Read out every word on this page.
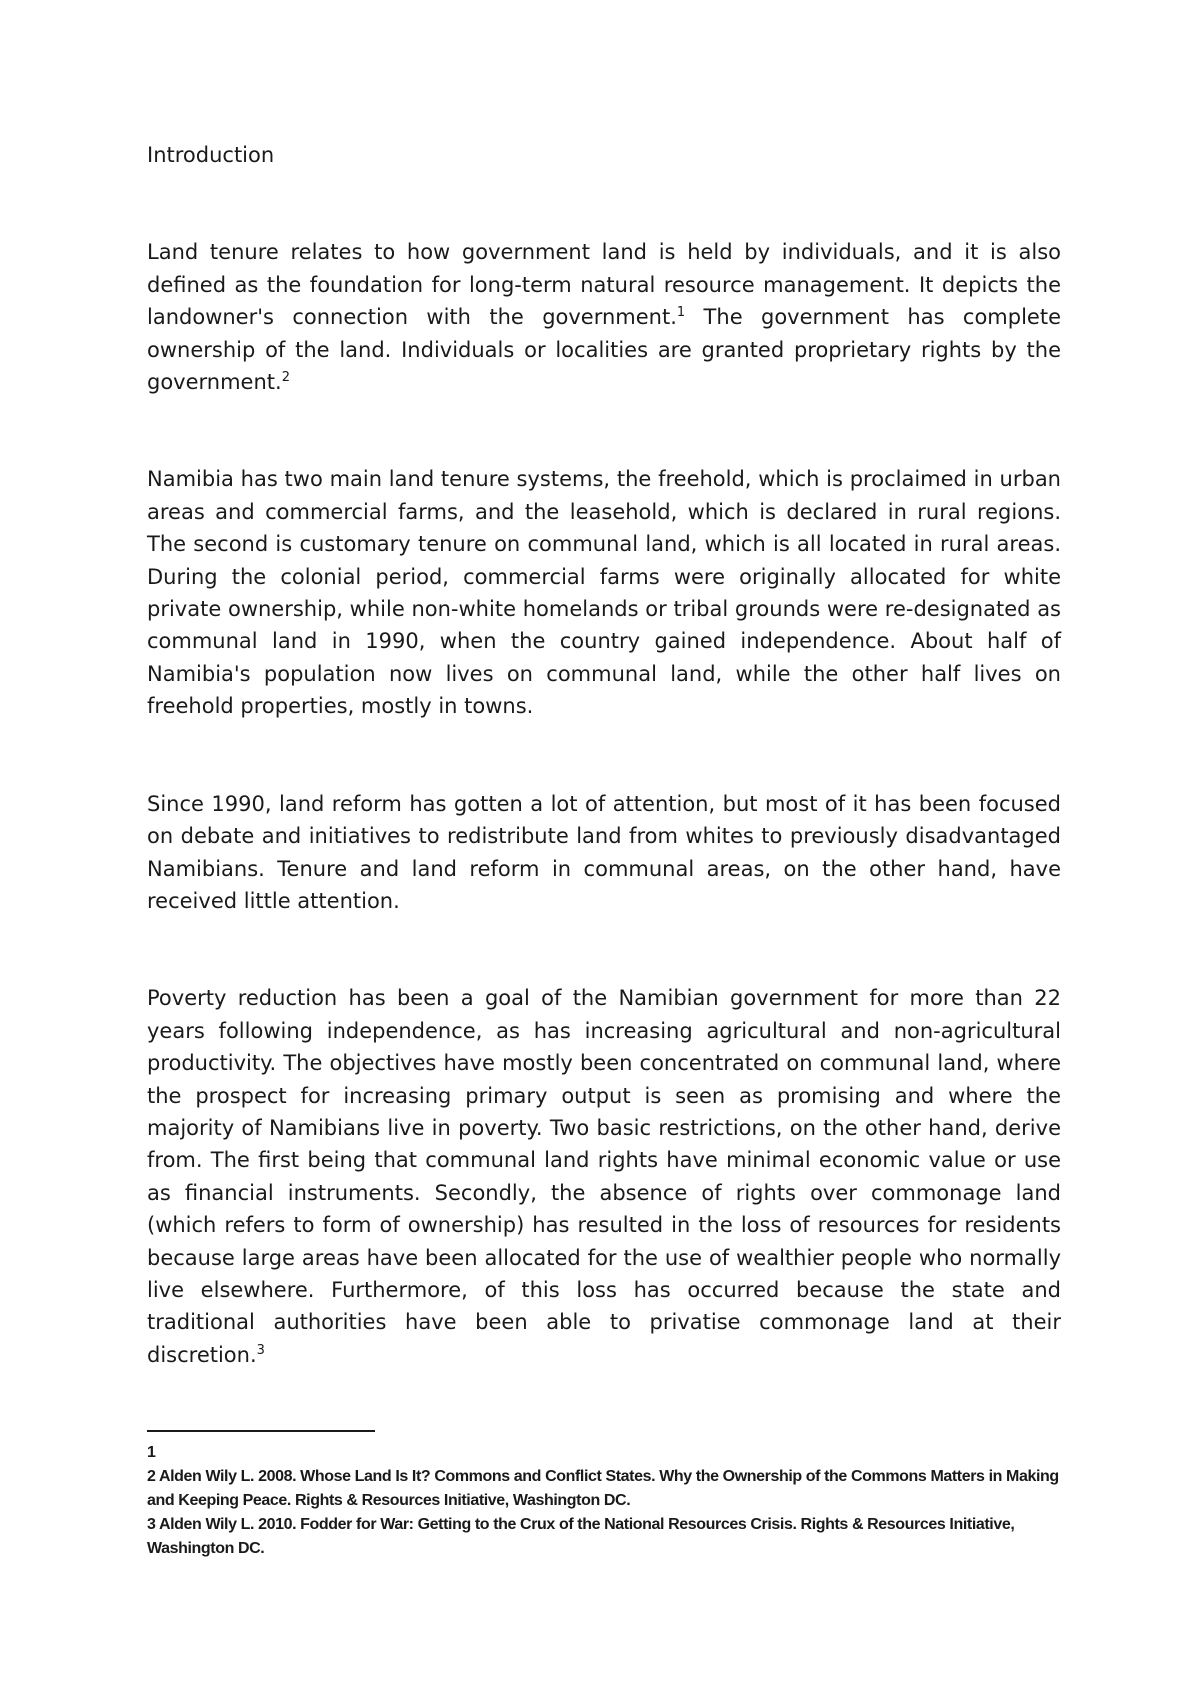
Introduction

Land tenure relates to how government land is held by individuals, and it is also defined as the foundation for long-term natural resource management. It depicts the landowner's connection with the government.$^1$ The government has complete ownership of the land. Individuals or localities are granted proprietary rights by the government.$^2$

Namibia has two main land tenure systems, the freehold, which is proclaimed in urban areas and commercial farms, and the leasehold, which is declared in rural regions. The second is customary tenure on communal land, which is all located in rural areas. During the colonial period, commercial farms were originally allocated for white private ownership, while non-white homelands or tribal grounds were re-designated as communal land in 1990, when the country gained independence. About half of Namibia's population now lives on communal land, while the other half lives on freehold properties, mostly in towns.

Since 1990, land reform has gotten a lot of attention, but most of it has been focused on debate and initiatives to redistribute land from whites to previously disadvantaged Namibians. Tenure and land reform in communal areas, on the other hand, have received little attention.

Poverty reduction has been a goal of the Namibian government for more than 22 years following independence, as has increasing agricultural and non-agricultural productivity. The objectives have mostly been concentrated on communal land, where the prospect for increasing primary output is seen as promising and where the majority of Namibians live in poverty. Two basic restrictions, on the other hand, derive from. The first being that communal land rights have minimal economic value or use as financial instruments. Secondly, the absence of rights over commonage land (which refers to form of ownership) has resulted in the loss of resources for residents because large areas have been allocated for the use of wealthier people who normally live elsewhere. Furthermore, of this loss has occurred because the state and traditional authorities have been able to privatise commonage land at their discretion.$^3$

1

2 Alden Wily L. 2008. Whose Land Is It? Commons and Conflict States. Why the Ownership of the Commons Matters in Making and Keeping Peace. Rights & Resources Initiative, Washington DC.

3 Alden Wily L. 2010. Fodder for War: Getting to the Crux of the National Resources Crisis. Rights & Resources Initiative, Washington DC.
